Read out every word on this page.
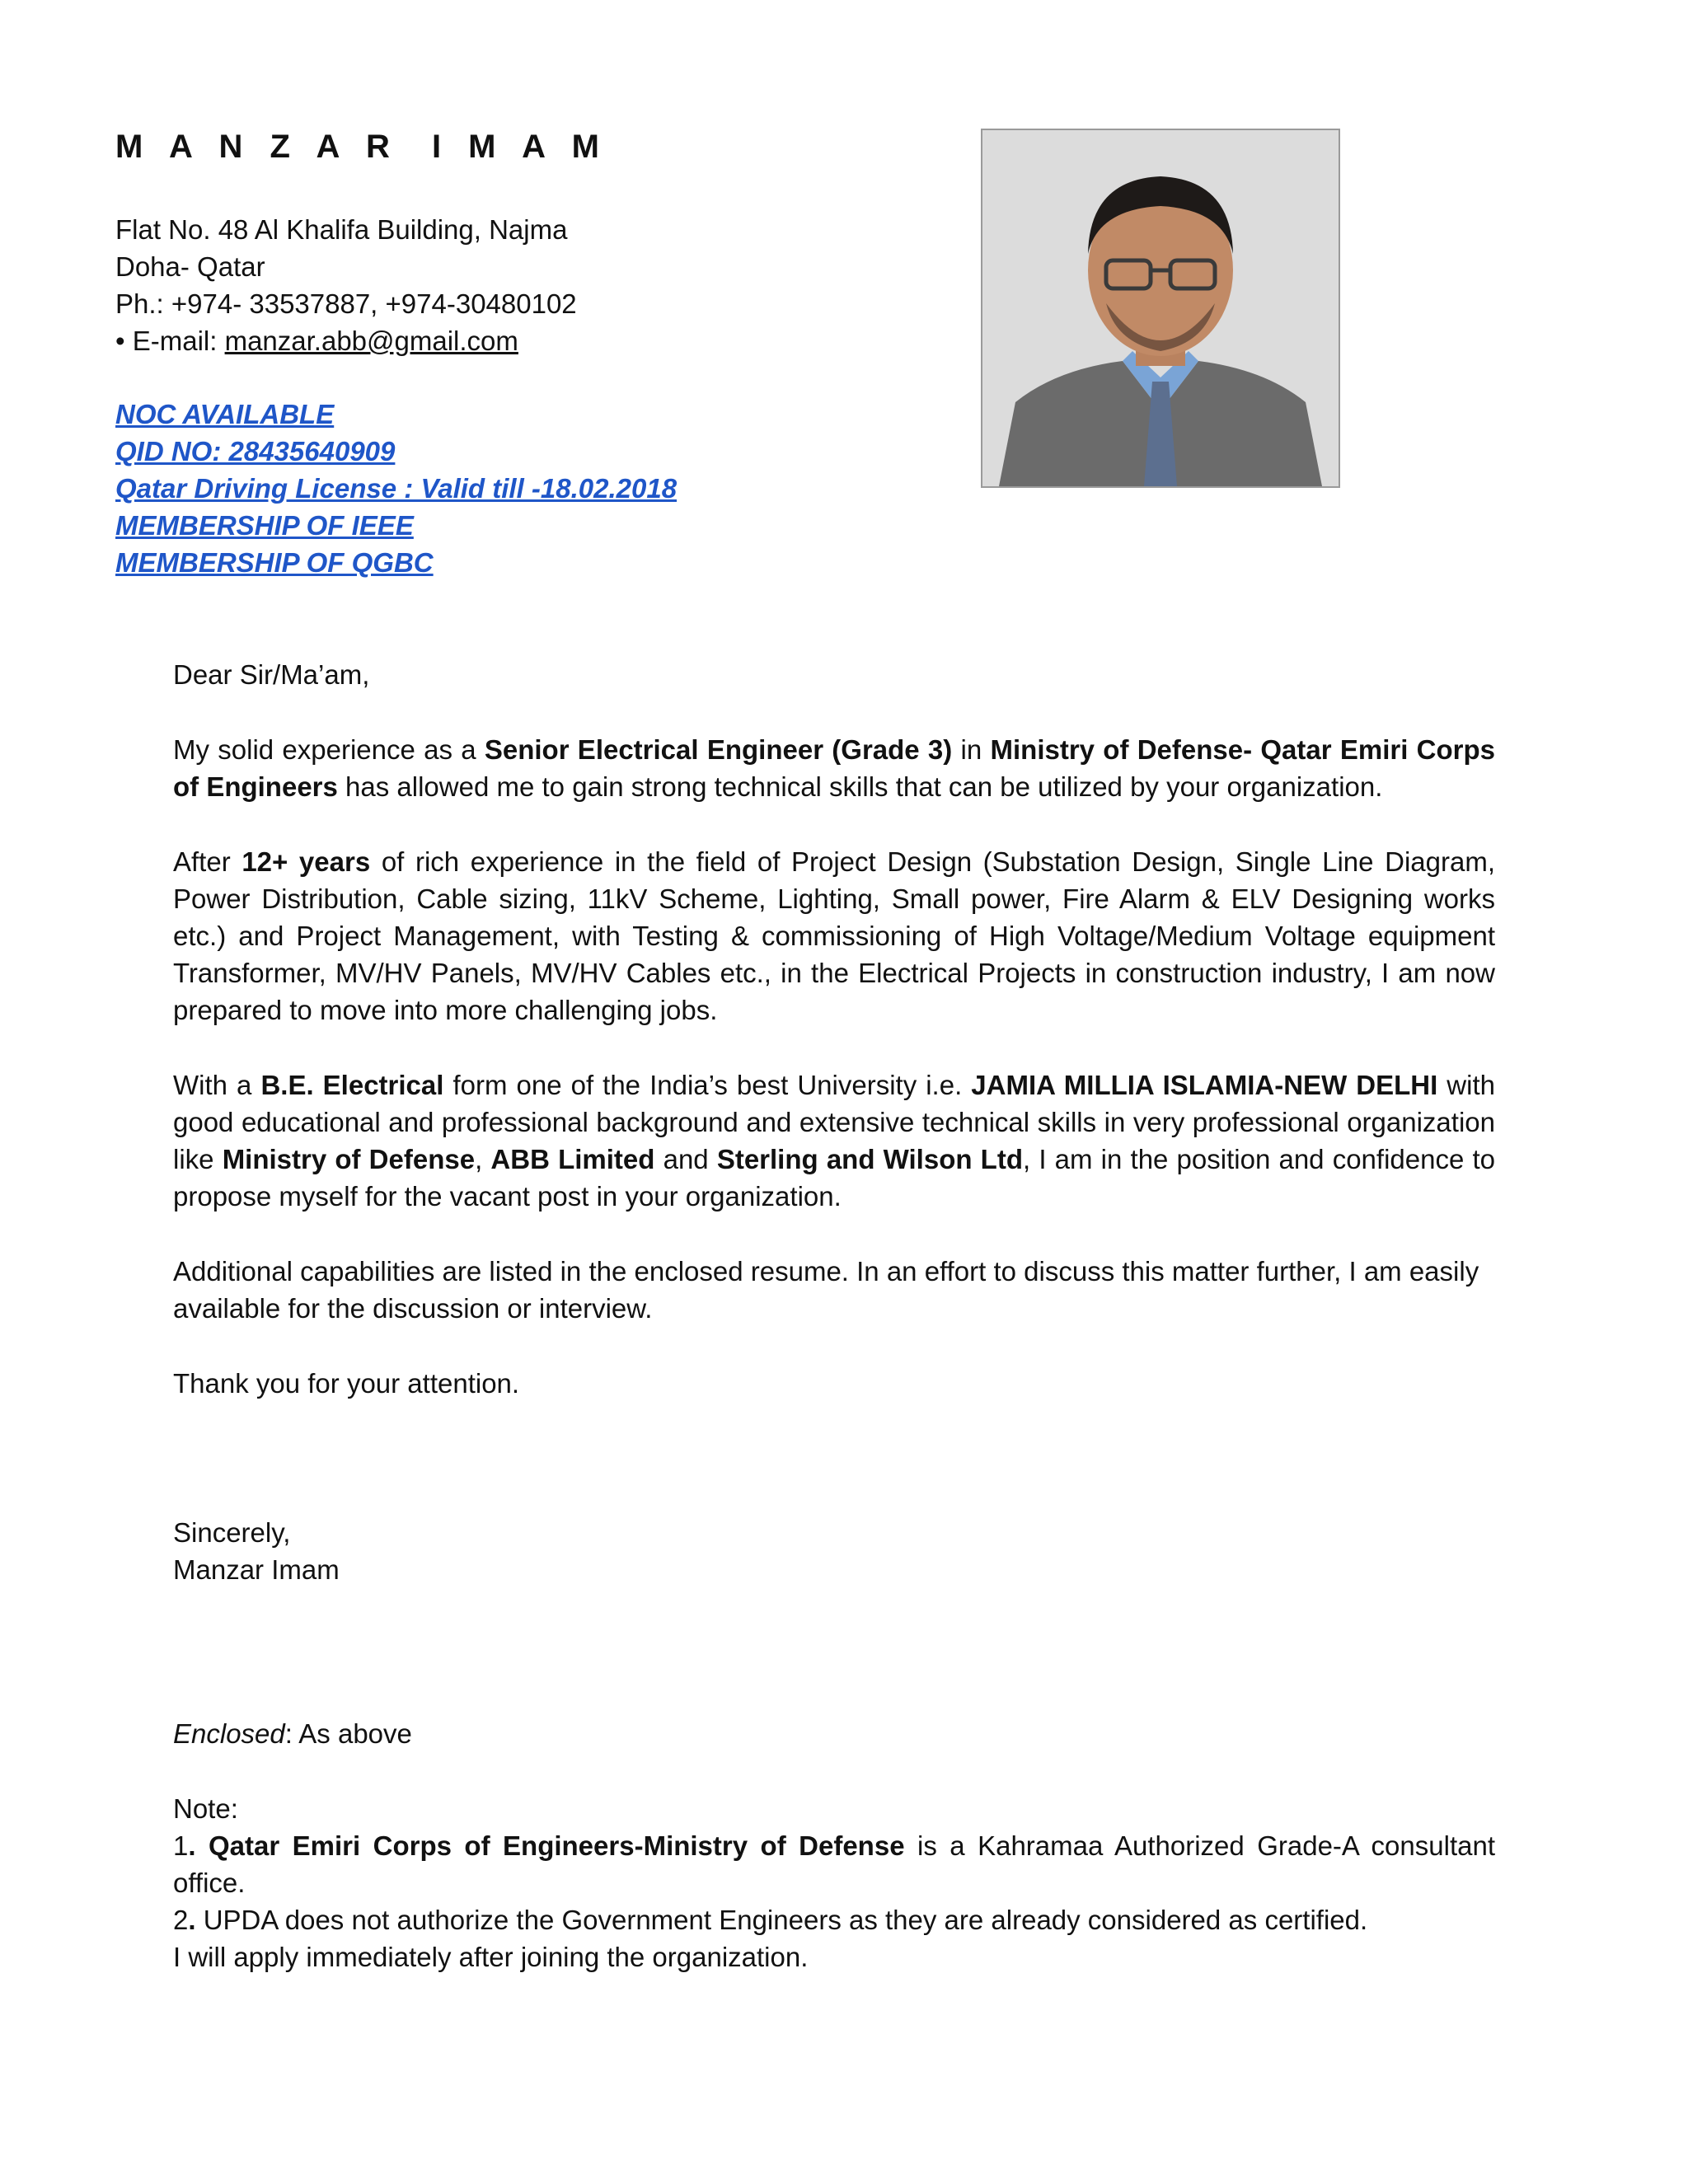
M A N Z A R I M A M
Flat No. 48 Al Khalifa Building, Najma
Doha- Qatar
Ph.: +974- 33537887, +974-30480102
• E-mail: manzar.abb@gmail.com
NOC AVAILABLE
QID NO: 28435640909
Qatar Driving License : Valid till -18.02.2018
MEMBERSHIP OF IEEE
MEMBERSHIP OF QGBC

Dear Sir/Ma’am,

My solid experience as a Senior Electrical Engineer (Grade 3) in Ministry of Defense- Qatar Emiri Corps of Engineers has allowed me to gain strong technical skills that can be utilized by your organization.

After 12+ years of rich experience in the field of Project Design (Substation Design, Single Line Diagram, Power Distribution, Cable sizing, 11kV Scheme, Lighting, Small power, Fire Alarm & ELV Designing works etc.) and Project Management, with Testing & commissioning of High Voltage/Medium Voltage equipment Transformer, MV/HV Panels, MV/HV Cables etc., in the Electrical Projects in construction industry, I am now prepared to move into more challenging jobs.

With a B.E. Electrical form one of the India’s best University i.e. JAMIA MILLIA ISLAMIA-NEW DELHI with good educational and professional background and extensive technical skills in very professional organization like Ministry of Defense, ABB Limited and Sterling and Wilson Ltd, I am in the position and confidence to propose myself for the vacant post in your organization.

Additional capabilities are listed in the enclosed resume. In an effort to discuss this matter further, I am easily available for the discussion or interview.

Thank you for your attention.

Sincerely,
Manzar Imam

Enclosed: As above

Note:
1. Qatar Emiri Corps of Engineers-Ministry of Defense is a Kahramaa Authorized Grade-A consultant office.
2. UPDA does not authorize the Government Engineers as they are already considered as certified.
I will apply immediately after joining the organization.
